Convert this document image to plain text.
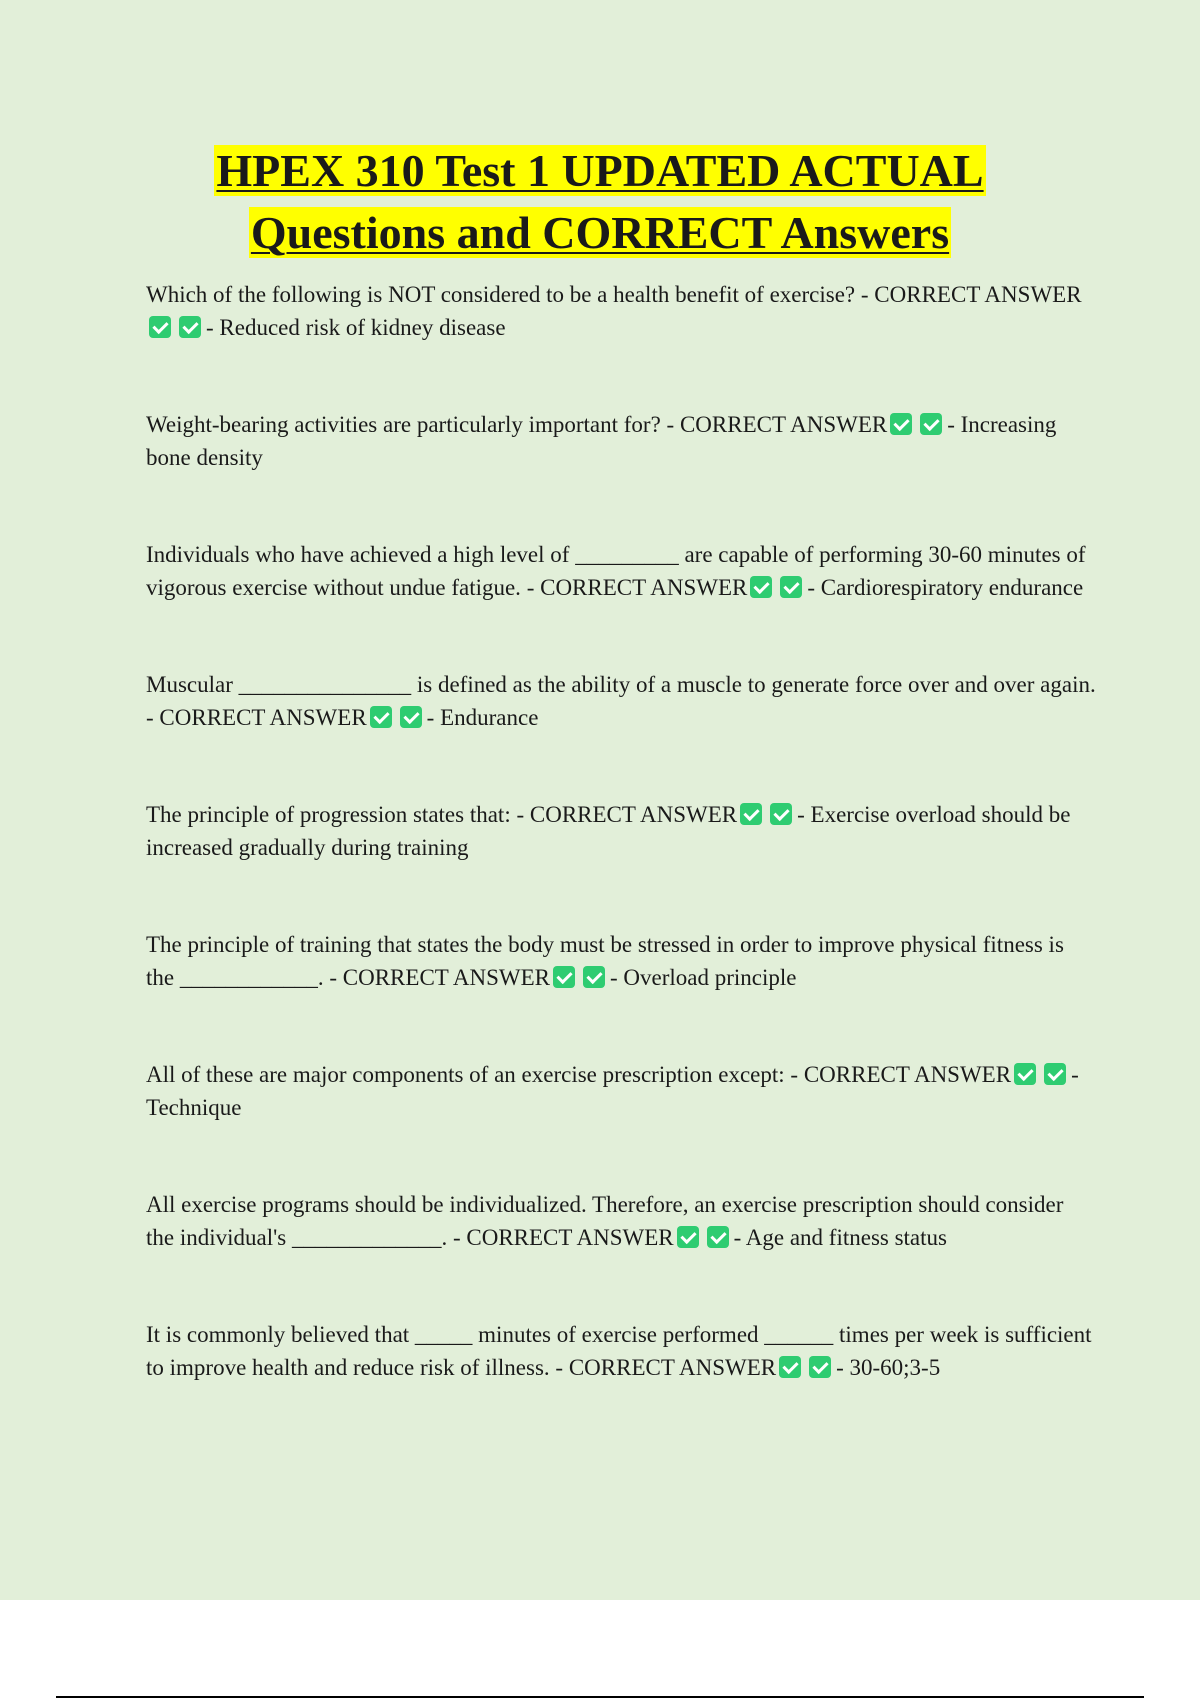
HPEX 310 Test 1 UPDATED ACTUAL
Questions and CORRECT Answers

Which of the following is NOT considered to be a health benefit of exercise? - CORRECT ANSWER- Reduced risk of kidney disease

Weight-bearing activities are particularly important for? - CORRECT ANSWER	- Increasing bone density

Individuals who have achieved a high level of _________ are capable of performing 30-60 minutes of vigorous exercise without undue fatigue. - CORRECT ANSWER	- Cardiorespiratory endurance

Muscular _______________ is defined as the ability of a muscle to generate force over and over again. - CORRECT ANSWER	- Endurance

The principle of progression states that: - CORRECT ANSWER	- Exercise overload should be increased gradually during training

The principle of training that states the body must be stressed in order to improve physical fitness is the ____________. - CORRECT ANSWER	- Overload principle

All of these are major components of an exercise prescription except: - CORRECT ANSWER	- Technique

All exercise programs should be individualized. Therefore, an exercise prescription should consider the individual's _____________. - CORRECT ANSWER	- Age and fitness status

It is commonly believed that _____ minutes of exercise performed ______ times per week is sufficient to improve health and reduce risk of illness. - CORRECT ANSWER	- 30-60;3-5
